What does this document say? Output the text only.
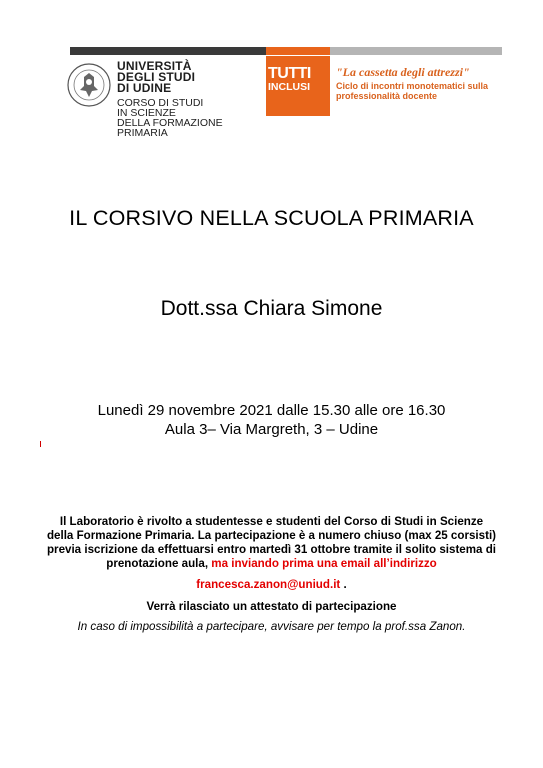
UNIVERSITÀ
DEGLI STUDI
DI UDINE
CORSO DI STUDI
IN SCIENZE
DELLA FORMAZIONE
PRIMARIA
TUTTI
INCLUSI
"La cassetta degli attrezzi"
Ciclo di incontri monotematici sulla
professionalità docente
IL CORSIVO NELLA SCUOLA PRIMARIA
Dott.ssa Chiara Simone
Lunedì 29 novembre 2021 dalle 15.30 alle ore 16.30
Aula 3– Via Margreth, 3 – Udine
Il Laboratorio è rivolto a studentesse e studenti del Corso di Studi in Scienze
della Formazione Primaria. La partecipazione è a numero chiuso (max 25 corsisti)
previa iscrizione da effettuarsi entro martedì 31 ottobre tramite il solito sistema di
prenotazione aula, ma inviando prima una email all’indirizzo
francesca.zanon@uniud.it .
Verrà rilasciato un attestato di partecipazione
In caso di impossibilità a partecipare, avvisare per tempo la prof.ssa Zanon.
